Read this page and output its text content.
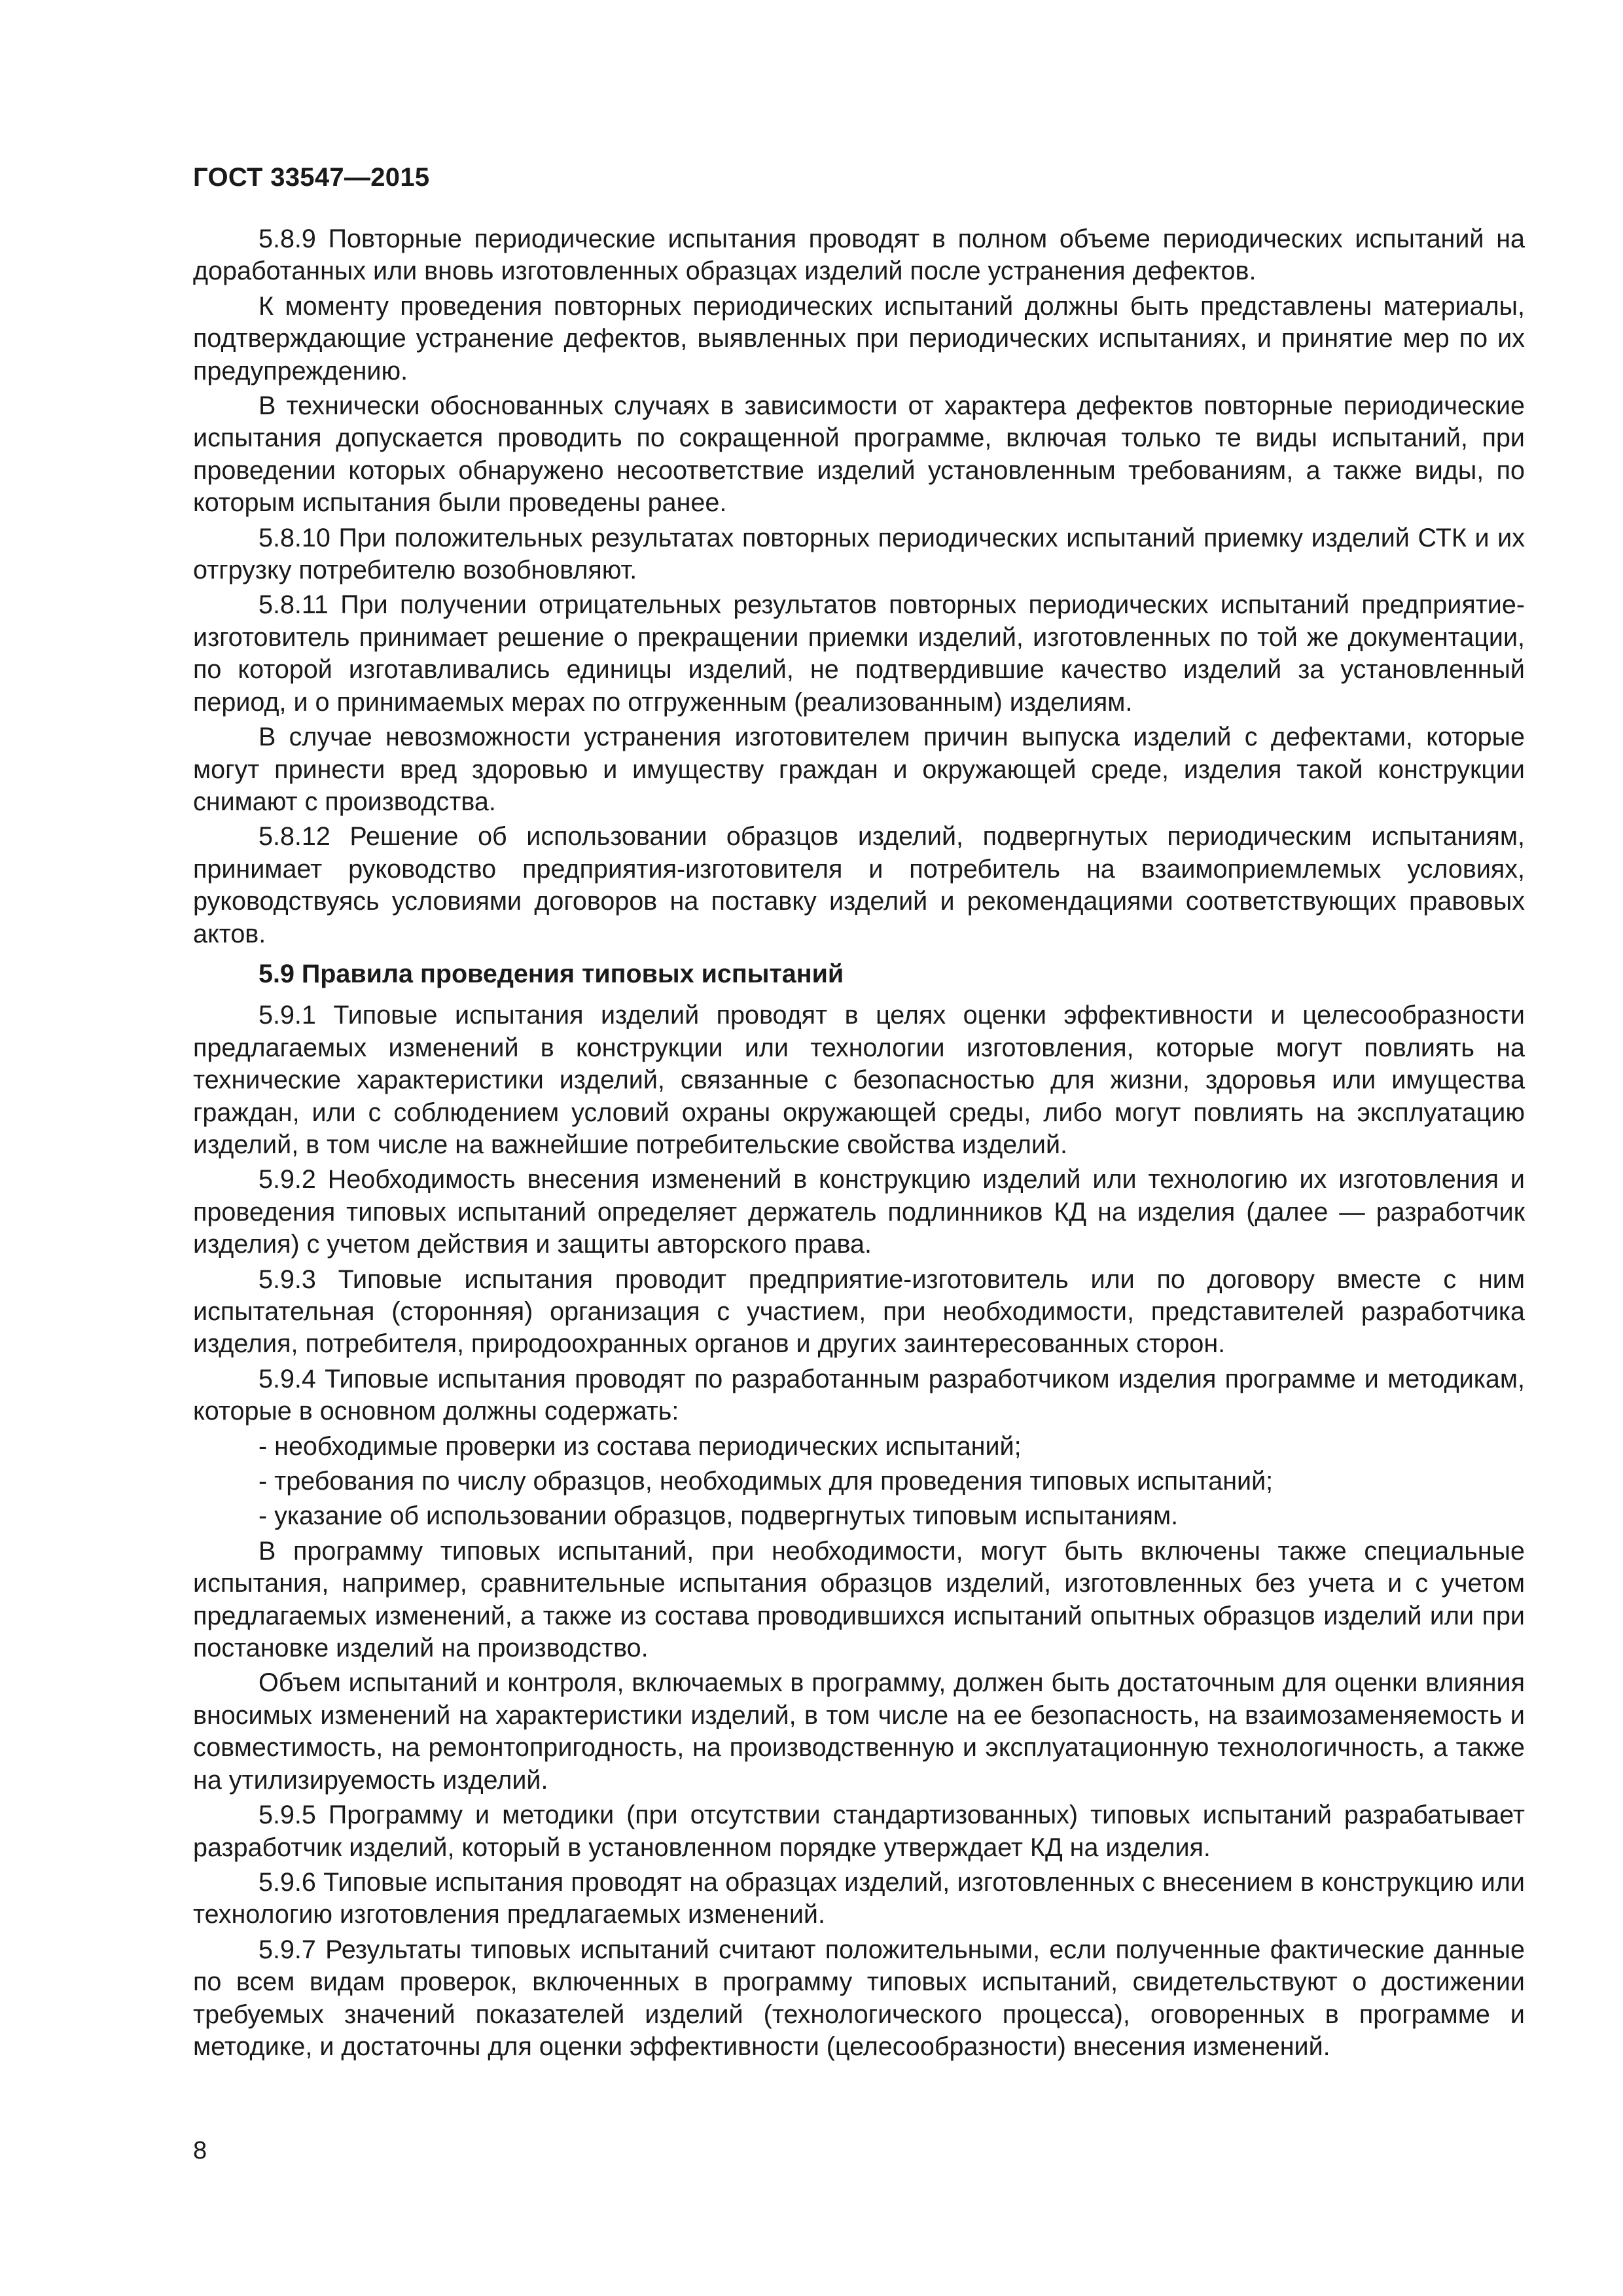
ГОСТ 33547—2015

5.8.9 Повторные периодические испытания проводят в полном объеме периодических испытаний на доработанных или вновь изготовленных образцах изделий после устранения дефектов.

К моменту проведения повторных периодических испытаний должны быть представлены материалы, подтверждающие устранение дефектов, выявленных при периодических испытаниях, и принятие мер по их предупреждению.

В технически обоснованных случаях в зависимости от характера дефектов повторные периодические испытания допускается проводить по сокращенной программе, включая только те виды испытаний, при проведении которых обнаружено несоответствие изделий установленным требованиям, а также виды, по которым испытания были проведены ранее.

5.8.10 При положительных результатах повторных периодических испытаний приемку изделий СТК и их отгрузку потребителю возобновляют.

5.8.11 При получении отрицательных результатов повторных периодических испытаний предприятие-изготовитель принимает решение о прекращении приемки изделий, изготовленных по той же документации, по которой изготавливались единицы изделий, не подтвердившие качество изделий за установленный период, и о принимаемых мерах по отгруженным (реализованным) изделиям.

В случае невозможности устранения изготовителем причин выпуска изделий с дефектами, которые могут принести вред здоровью и имуществу граждан и окружающей среде, изделия такой конструкции снимают с производства.

5.8.12 Решение об использовании образцов изделий, подвергнутых периодическим испытаниям, принимает руководство предприятия-изготовителя и потребитель на взаимоприемлемых условиях, руководствуясь условиями договоров на поставку изделий и рекомендациями соответствующих правовых актов.

5.9 Правила проведения типовых испытаний

5.9.1 Типовые испытания изделий проводят в целях оценки эффективности и целесообразности предлагаемых изменений в конструкции или технологии изготовления, которые могут повлиять на технические характеристики изделий, связанные с безопасностью для жизни, здоровья или имущества граждан, или с соблюдением условий охраны окружающей среды, либо могут повлиять на эксплуатацию изделий, в том числе на важнейшие потребительские свойства изделий.

5.9.2 Необходимость внесения изменений в конструкцию изделий или технологию их изготовления и проведения типовых испытаний определяет держатель подлинников КД на изделия (далее — разработчик изделия) с учетом действия и защиты авторского права.

5.9.3 Типовые испытания проводит предприятие-изготовитель или по договору вместе с ним испытательная (сторонняя) организация с участием, при необходимости, представителей разработчика изделия, потребителя, природоохранных органов и других заинтересованных сторон.

5.9.4 Типовые испытания проводят по разработанным разработчиком изделия программе и методикам, которые в основном должны содержать:

- необходимые проверки из состава периодических испытаний;

- требования по числу образцов, необходимых для проведения типовых испытаний;

- указание об использовании образцов, подвергнутых типовым испытаниям.

В программу типовых испытаний, при необходимости, могут быть включены также специальные испытания, например, сравнительные испытания образцов изделий, изготовленных без учета и с учетом предлагаемых изменений, а также из состава проводившихся испытаний опытных образцов изделий или при постановке изделий на производство.

Объем испытаний и контроля, включаемых в программу, должен быть достаточным для оценки влияния вносимых изменений на характеристики изделий, в том числе на ее безопасность, на взаимозаменяемость и совместимость, на ремонтопригодность, на производственную и эксплуатационную технологичность, а также на утилизируемость изделий.

5.9.5 Программу и методики (при отсутствии стандартизованных) типовых испытаний разрабатывает разработчик изделий, который в установленном порядке утверждает КД на изделия.

5.9.6 Типовые испытания проводят на образцах изделий, изготовленных с внесением в конструкцию или технологию изготовления предлагаемых изменений.

5.9.7 Результаты типовых испытаний считают положительными, если полученные фактические данные по всем видам проверок, включенных в программу типовых испытаний, свидетельствуют о достижении требуемых значений показателей изделий (технологического процесса), оговоренных в программе и методике, и достаточны для оценки эффективности (целесообразности) внесения изменений.

8
